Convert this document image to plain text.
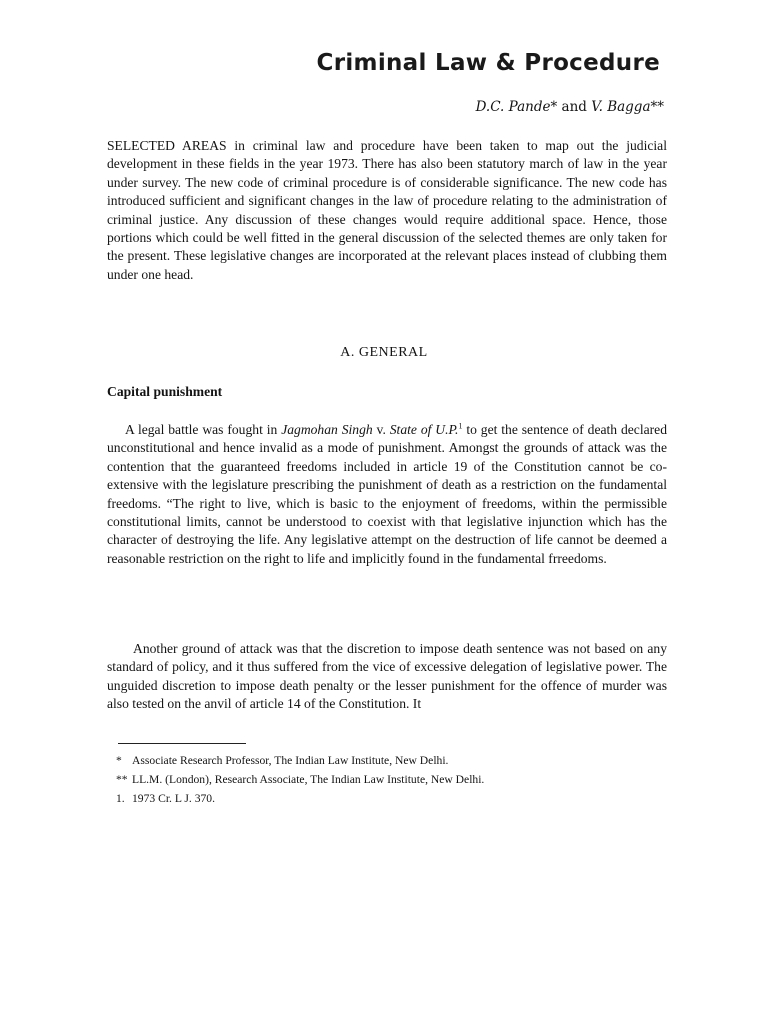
Criminal Law & Procedure
D.C. Pande* and V. Bagga**

SELECTED AREAS in criminal law and procedure have been taken to map out the judicial development in these fields in the year 1973. There has also been statutory march of law in the year under survey. The new code of criminal procedure is of considerable significance. The new code has introduced sufficient and significant changes in the law of procedure relating to the administration of criminal justice. Any discussion of these changes would require additional space. Hence, those portions which could be well fitted in the general discussion of the selected themes are only taken for the present. These legislative changes are incorporated at the relevant places instead of clubbing them under one head.

A. GENERAL
Capital punishment

A legal battle was fought in Jagmohan Singh v. State of U.P.$^1$ to get the sentence of death declared unconstitutional and hence invalid as a mode of punishment. Amongst the grounds of attack was the contention that the guaranteed freedoms included in article 19 of the Constitution cannot be co-extensive with the legislature prescribing the punishment of death as a restriction on the fundamental freedoms. “The right to live, which is basic to the enjoyment of freedoms, within the permissible constitutional limits, cannot be understood to coexist with that legislative injunction which has the character of destroying the life. Any legislative attempt on the destruction of life cannot be deemed a reasonable restriction on the right to life and implicitly found in the fundamental frreedoms.

Another ground of attack was that the discretion to impose death sentence was not based on any standard of policy, and it thus suffered from the vice of excessive delegation of legislative power. The unguided discretion to impose death penalty or the lesser punishment for the offence of murder was also tested on the anvil of article 14 of the Constitution. It

* Associate Research Professor, The Indian Law Institute, New Delhi.
** LL.M. (London), Research Associate, The Indian Law Institute, New Delhi.
1. 1973 Cr. L J. 370.
